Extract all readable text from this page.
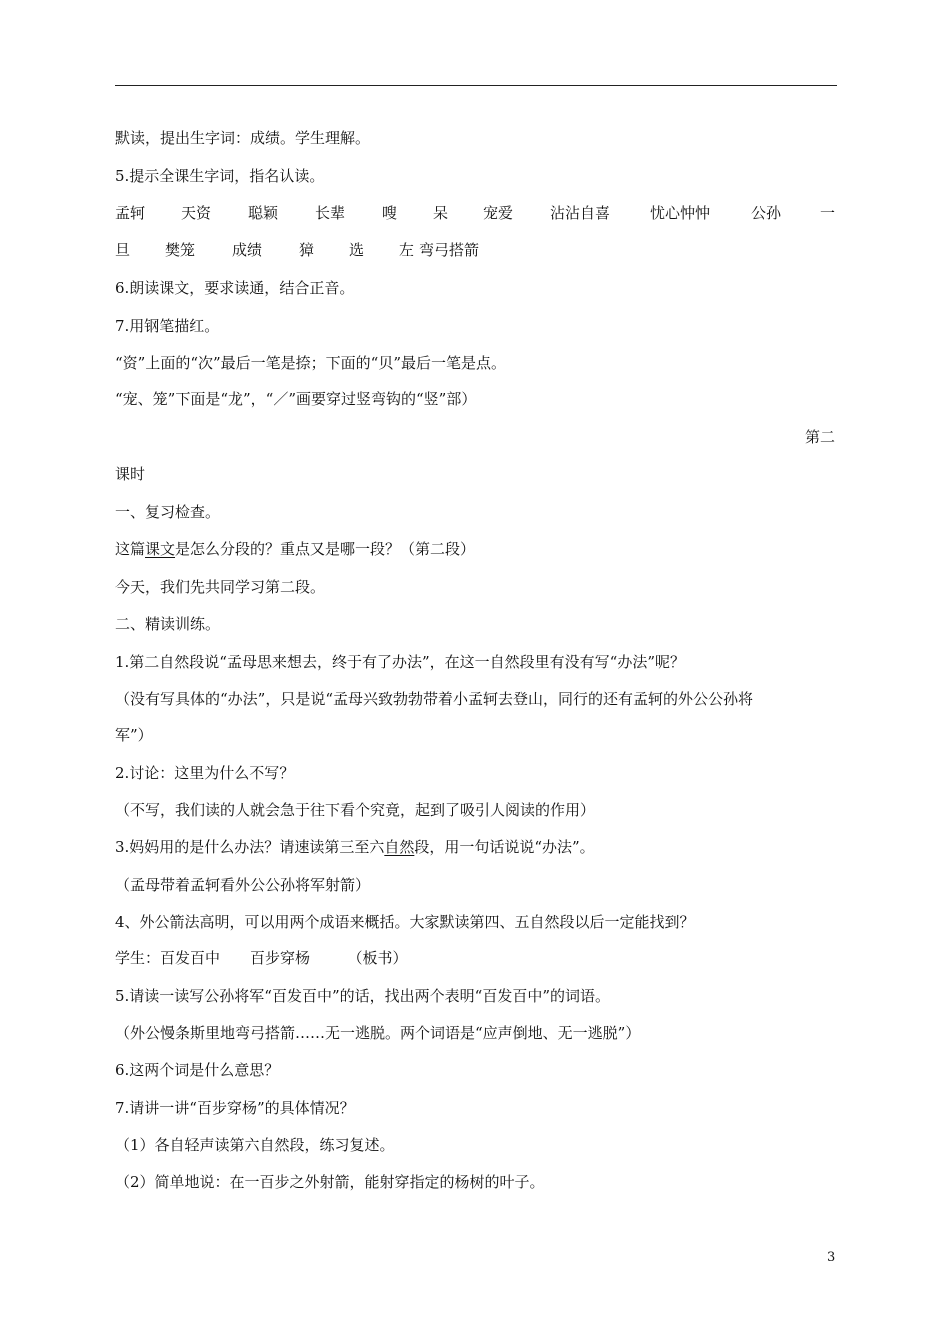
默读，提出生字词：成绩。学生理解。
5.提示全课生字词，指名认读。
孟轲 天资 聪颖 长辈 嗖 呆 宠爱 沾沾自喜	忧心忡忡	公孙	一
旦 樊笼 成绩 獐 选 左 弯弓搭箭
6.朗读课文，要求读通，结合正音。
7.用钢笔描红。
“资”上面的“次”最后一笔是捺；下面的“贝”最后一笔是点。
“宠、笼”下面是“龙”，“／”画要穿过竖弯钩的“竖”部）
第二
课时
一、复习检查。
这篇课文是怎么分段的？重点又是哪一段？（第二段）
今天，我们先共同学习第二段。
二、精读训练。
1.第二自然段说“孟母思来想去，终于有了办法”，在这一自然段里有没有写“办法”呢？
（没有写具体的“办法”，只是说“孟母兴致勃勃带着小孟轲去登山，同行的还有孟轲的外公公孙将
军”）
2.讨论：这里为什么不写？
（不写，我们读的人就会急于往下看个究竟，起到了吸引人阅读的作用）
3.妈妈用的是什么办法？请速读第三至六自然段，用一句话说说“办法”。
（孟母带着孟轲看外公公孙将军射箭）
4、外公箭法高明，可以用两个成语来概括。大家默读第四、五自然段以后一定能找到？
学生：百发百中　　百步穿杨　　　（板书）
5.请读一读写公孙将军“百发百中”的话，找出两个表明“百发百中”的词语。
（外公慢条斯里地弯弓搭箭……无一逃脱。两个词语是“应声倒地、无一逃脱”）
6.这两个词是什么意思？
7.请讲一讲“百步穿杨”的具体情况？
（1）各自轻声读第六自然段，练习复述。
（2）简单地说：在一百步之外射箭，能射穿指定的杨树的叶子。
3
